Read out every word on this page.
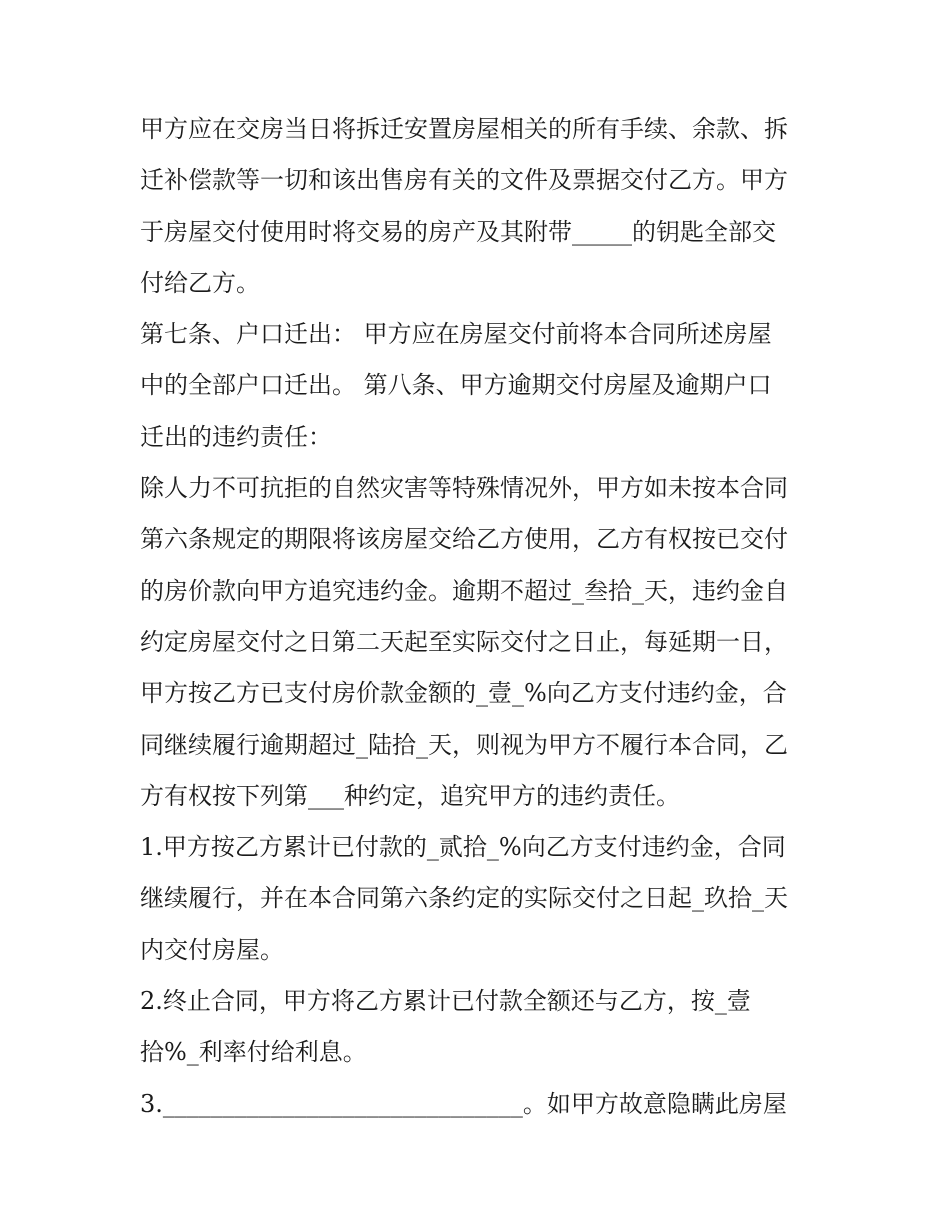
甲方应在交房当日将拆迁安置房屋相关的所有手续、余款、拆
迁补偿款等一切和该出售房有关的文件及票据交付乙方。甲方
于房屋交付使用时将交易的房产及其附带_____的钥匙全部交
付给乙方。
第七条、户口迁出： 甲方应在房屋交付前将本合同所述房屋
中的全部户口迁出。 第八条、甲方逾期交付房屋及逾期户口
迁出的违约责任：
除人力不可抗拒的自然灾害等特殊情况外，甲方如未按本合同
第六条规定的期限将该房屋交给乙方使用，乙方有权按已交付
的房价款向甲方追究违约金。逾期不超过_叁拾_天，违约金自
约定房屋交付之日第二天起至实际交付之日止，每延期一日，
甲方按乙方已支付房价款金额的_壹_%向乙方支付违约金，合
同继续履行逾期超过_陆拾_天，则视为甲方不履行本合同，乙
方有权按下列第___种约定，追究甲方的违约责任。
1.甲方按乙方累计已付款的_贰拾_%向乙方支付违约金，合同
继续履行，并在本合同第六条约定的实际交付之日起_玖拾_天
内交付房屋。
2.终止合同，甲方将乙方累计已付款全额还与乙方，按_壹
拾%_利率付给利息。
3.______________________________。如甲方故意隐瞒此房屋
